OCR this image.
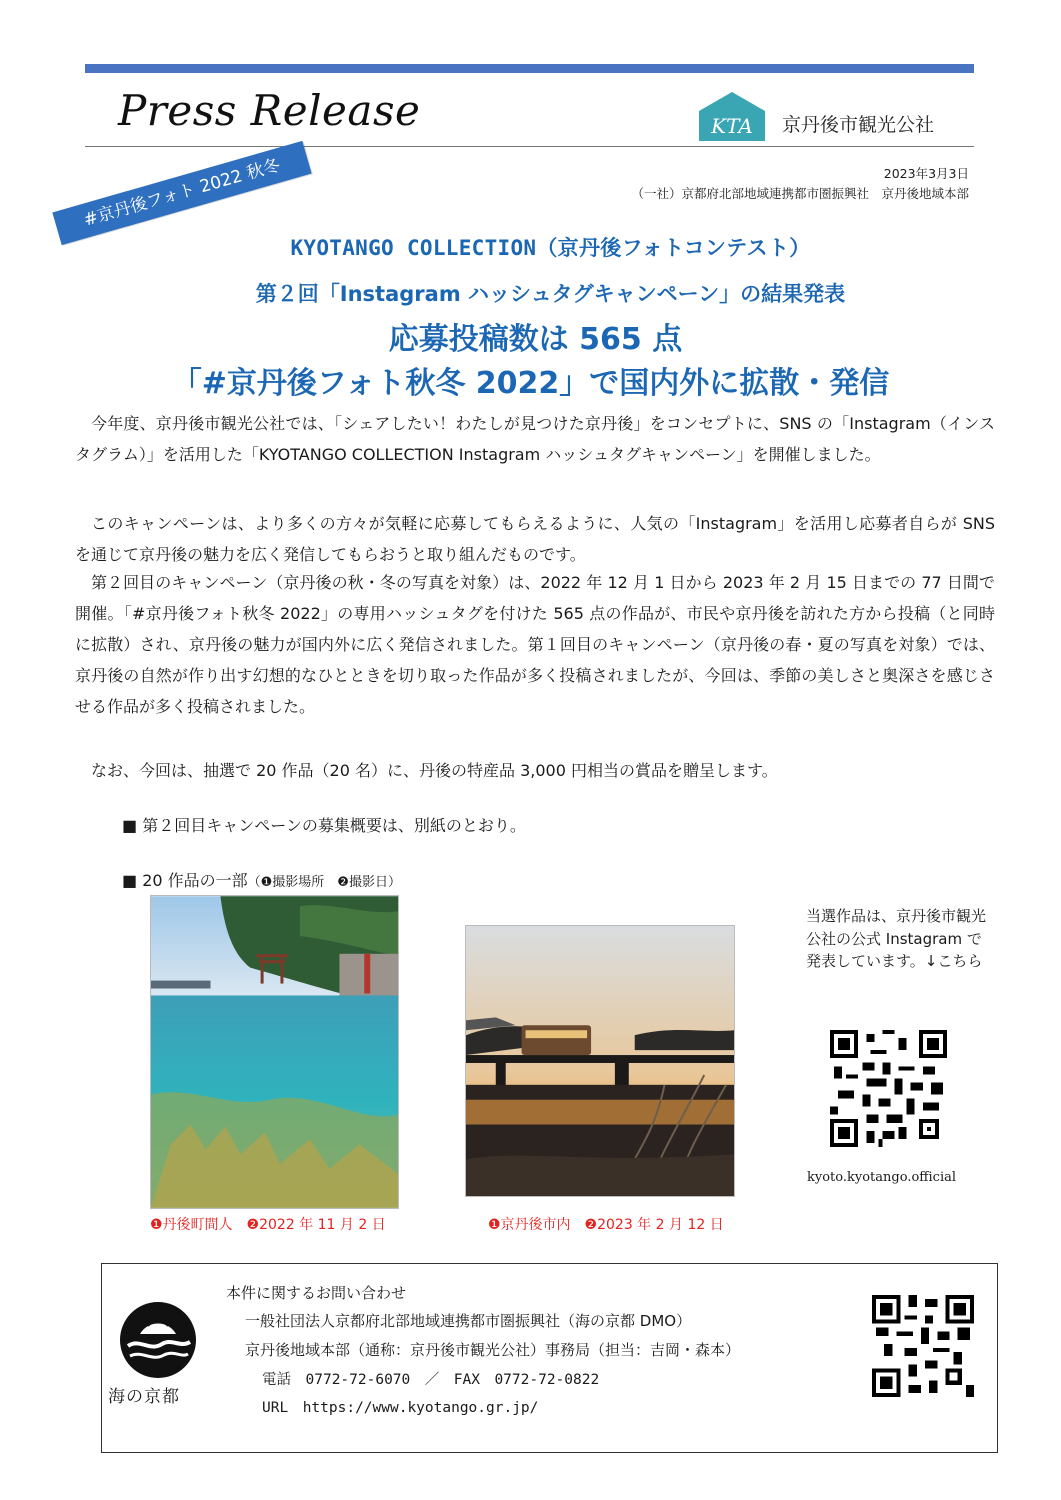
Press Release	KTA 京丹後市観光公社
2023年3月3日
（一社）京都府北部地域連携都市圏振興社　京丹後地域本部
#京丹後フォト 2022 秋冬
KYOTANGO COLLECTION（京丹後フォトコンテスト）
第２回「Instagram ハッシュタグキャンペーン」の結果発表
応募投稿数は 565 点
「#京丹後フォト秋冬 2022」で国内外に拡散・発信

今年度、京丹後市観光公社では、「シェアしたい！わたしが見つけた京丹後」をコンセプトに、SNS の「Instagram（インスタグラム）」を活用した「KYOTANGO COLLECTION Instagram ハッシュタグキャンペーン」を開催しました。

このキャンペーンは、より多くの方々が気軽に応募してもらえるように、人気の「Instagram」を活用し応募者自らが SNS を通じて京丹後の魅力を広く発信してもらおうと取り組んだものです。

第２回目のキャンペーン（京丹後の秋・冬の写真を対象）は、2022 年 12 月 1 日から 2023 年 2 月 15 日までの 77 日間で開催。「#京丹後フォト秋冬 2022」の専用ハッシュタグを付けた 565 点の作品が、市民や京丹後を訪れた方から投稿（と同時に拡散）され、京丹後の魅力が国内外に広く発信されました。第１回目のキャンペーン（京丹後の春・夏の写真を対象）では、京丹後の自然が作り出す幻想的なひとときを切り取った作品が多く投稿されましたが、今回は、季節の美しさと奥深さを感じさせる作品が多く投稿されました。

なお、今回は、抽選で 20 作品（20 名）に、丹後の特産品 3,000 円相当の賞品を贈呈します。

■ 第２回目キャンペーンの募集概要は、別紙のとおり。
■ 20 作品の一部（❶撮影場所　❷撮影日）
❶丹後町間人　❷2022 年 11 月 2 日	❶京丹後市内　❷2023 年 2 月 12 日
当選作品は、京丹後市観光公社の公式 Instagram で発表しています。↓こちら
kyoto.kyotango.official
本件に関するお問い合わせ
一般社団法人京都府北部地域連携都市圏振興社（海の京都 DMO）
京丹後地域本部（通称：京丹後市観光公社）事務局（担当：吉岡・森本）
電話　0772-72-6070　／　FAX　0772-72-0822
URL　https://www.kyotango.gr.jp/
海の京都
